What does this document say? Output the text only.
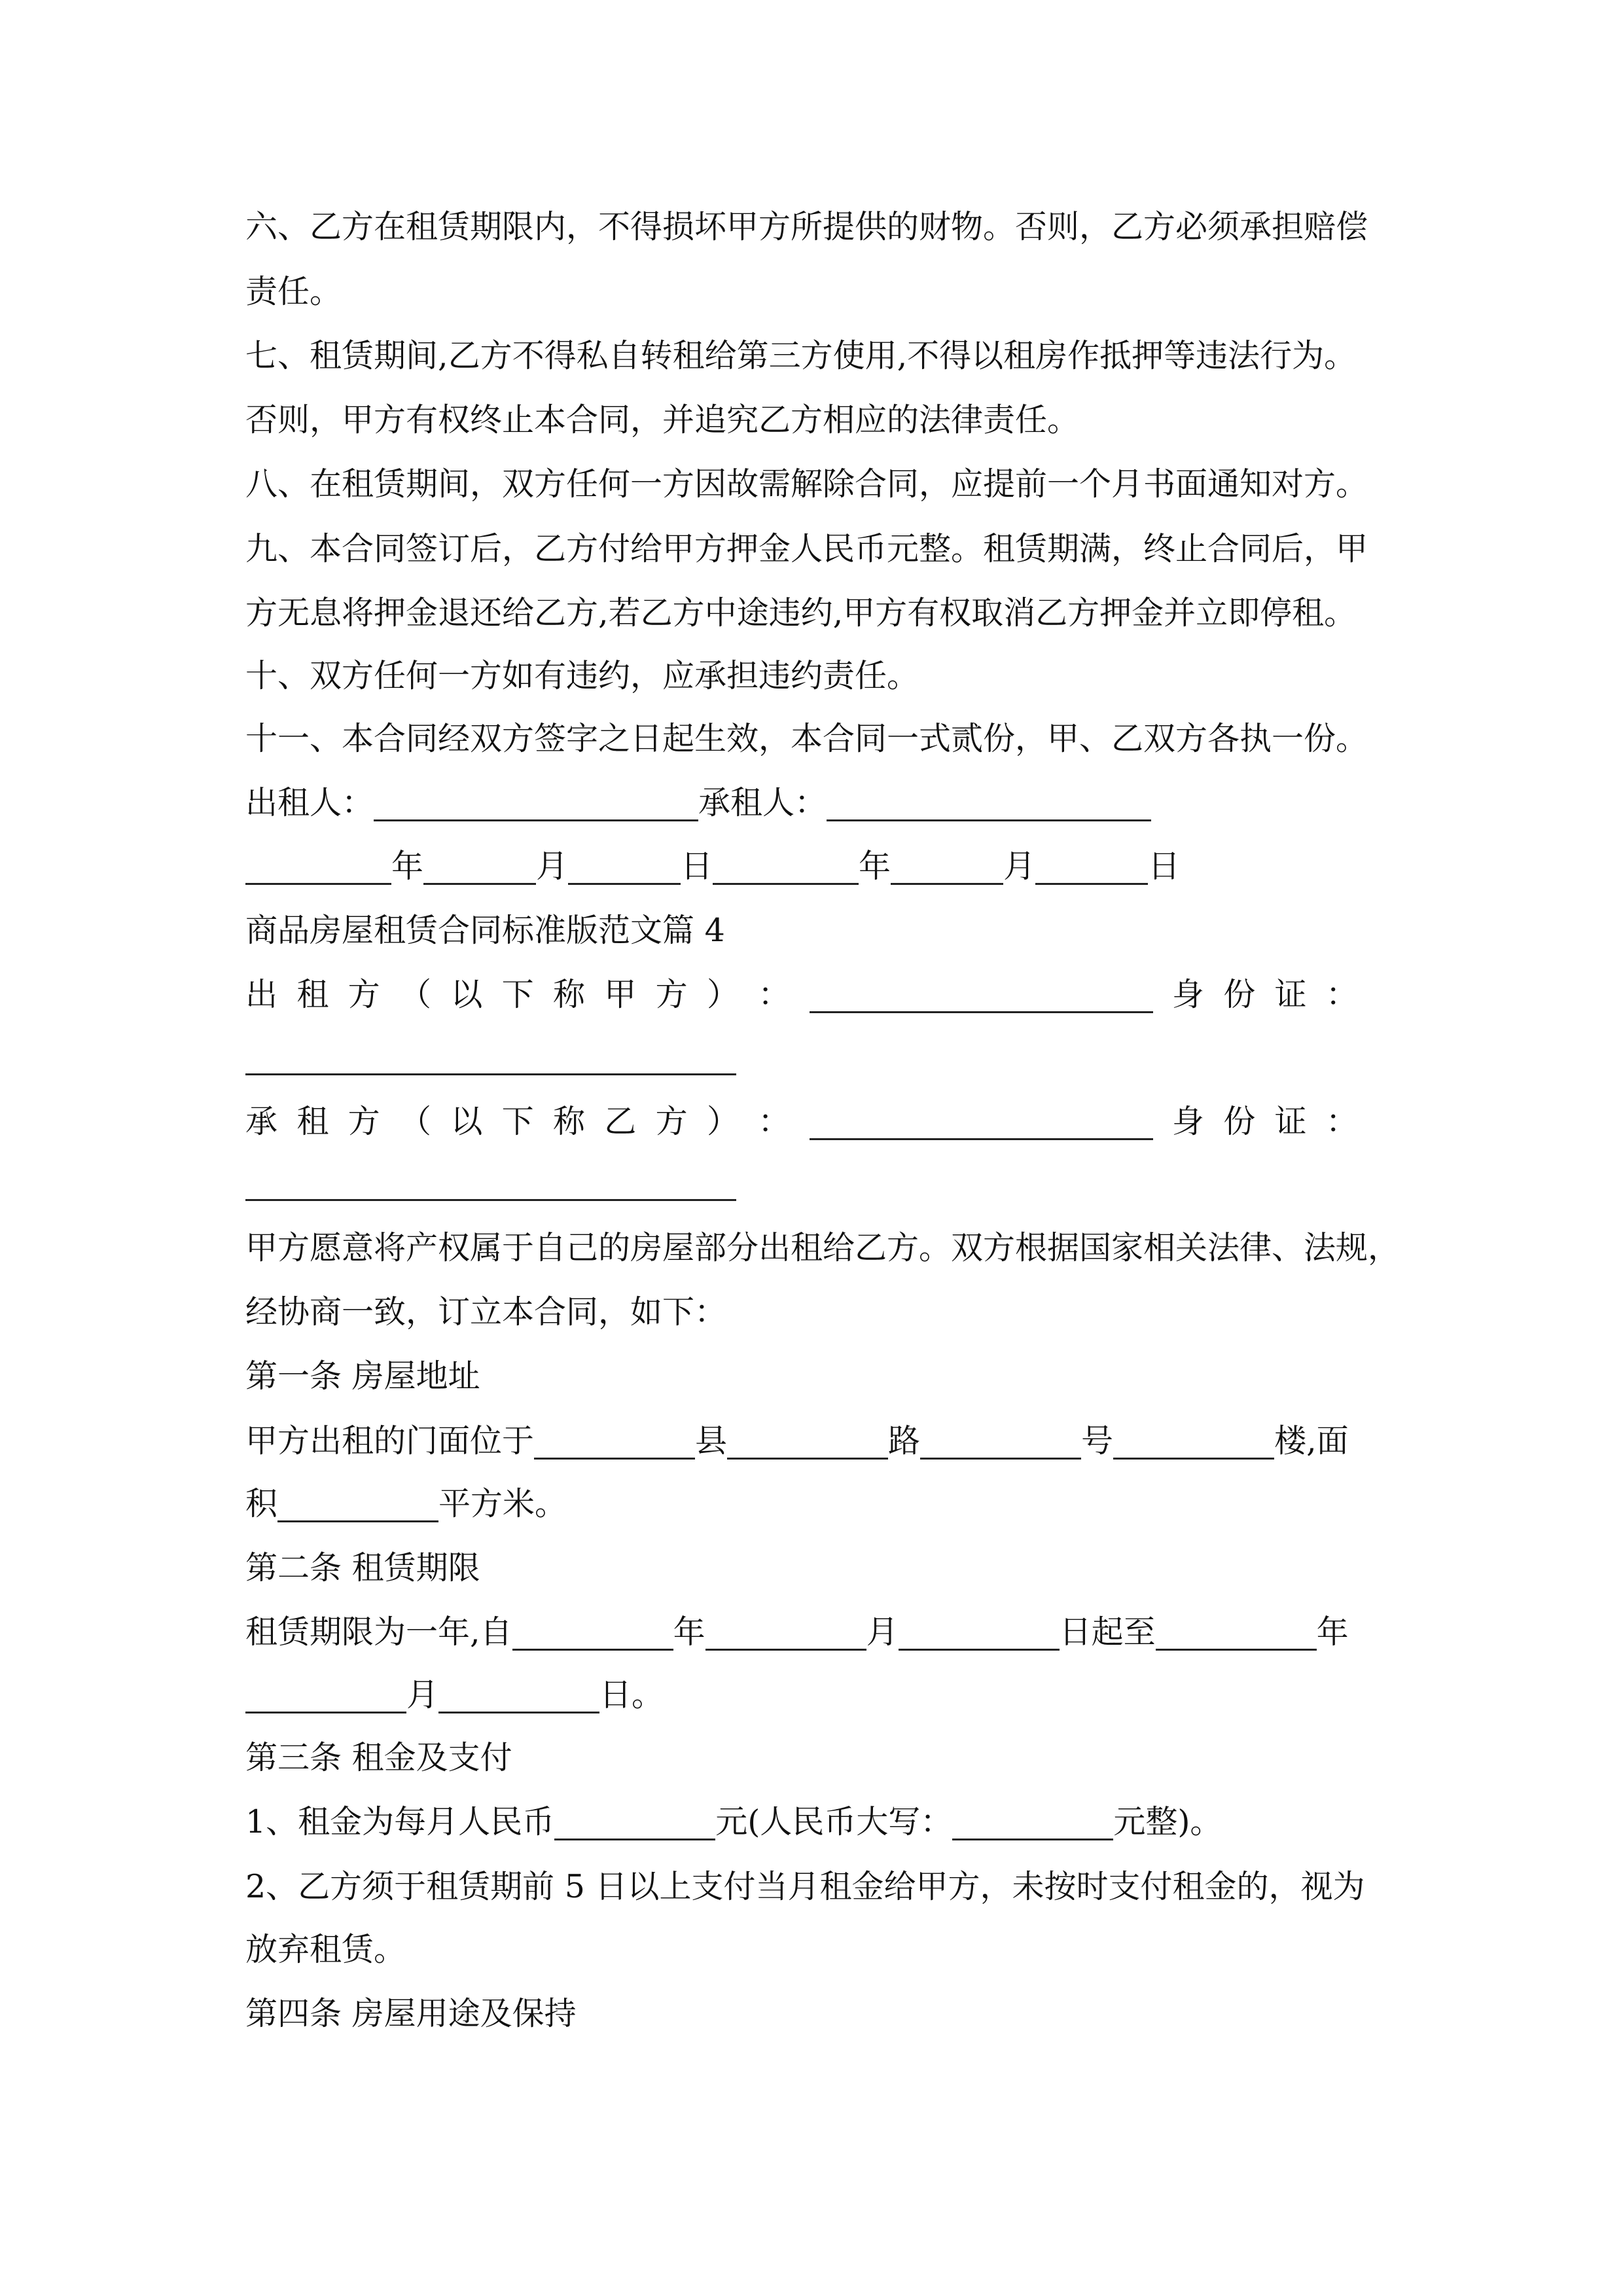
六、乙方在租赁期限内，不得损坏甲方所提供的财物。否则，乙方必须承担赔偿
责任。
七、租赁期间,乙方不得私自转租给第三方使用,不得以租房作抵押等违法行为。
否则，甲方有权终止本合同，并追究乙方相应的法律责任。
八、在租赁期间，双方任何一方因故需解除合同，应提前一个月书面通知对方。
九、本合同签订后，乙方付给甲方押金人民币元整。租赁期满，终止合同后，甲
方无息将押金退还给乙方,若乙方中途违约,甲方有权取消乙方押金并立即停租。
十、双方任何一方如有违约，应承担违约责任。
十一、本合同经双方签字之日起生效，本合同一式贰份，甲、乙双方各执一份。
出租人：	承租人：
年	月	日	年	月	日
商品房屋租赁合同标准版范文篇 4
出 租 方 （ 以 下 称 甲 方 ） ：	身 份 证 ：
承 租 方 （ 以 下 称 乙 方 ） ：	身 份 证 ：
甲方愿意将产权属于自己的房屋部分出租给乙方。双方根据国家相关法律、法规，
经协商一致，订立本合同，如下：
第一条 房屋地址
甲方出租的门面位于	县	路	号	楼,面
积	平方米。
第二条 租赁期限
租赁期限为一年,自	年	月	日起至	年
月	日。
第三条 租金及支付
1、租金为每月人民币	元(人民币大写：	元整)。
2、乙方须于租赁期前 5 日以上支付当月租金给甲方，未按时支付租金的，视为
放弃租赁。
第四条 房屋用途及保持
